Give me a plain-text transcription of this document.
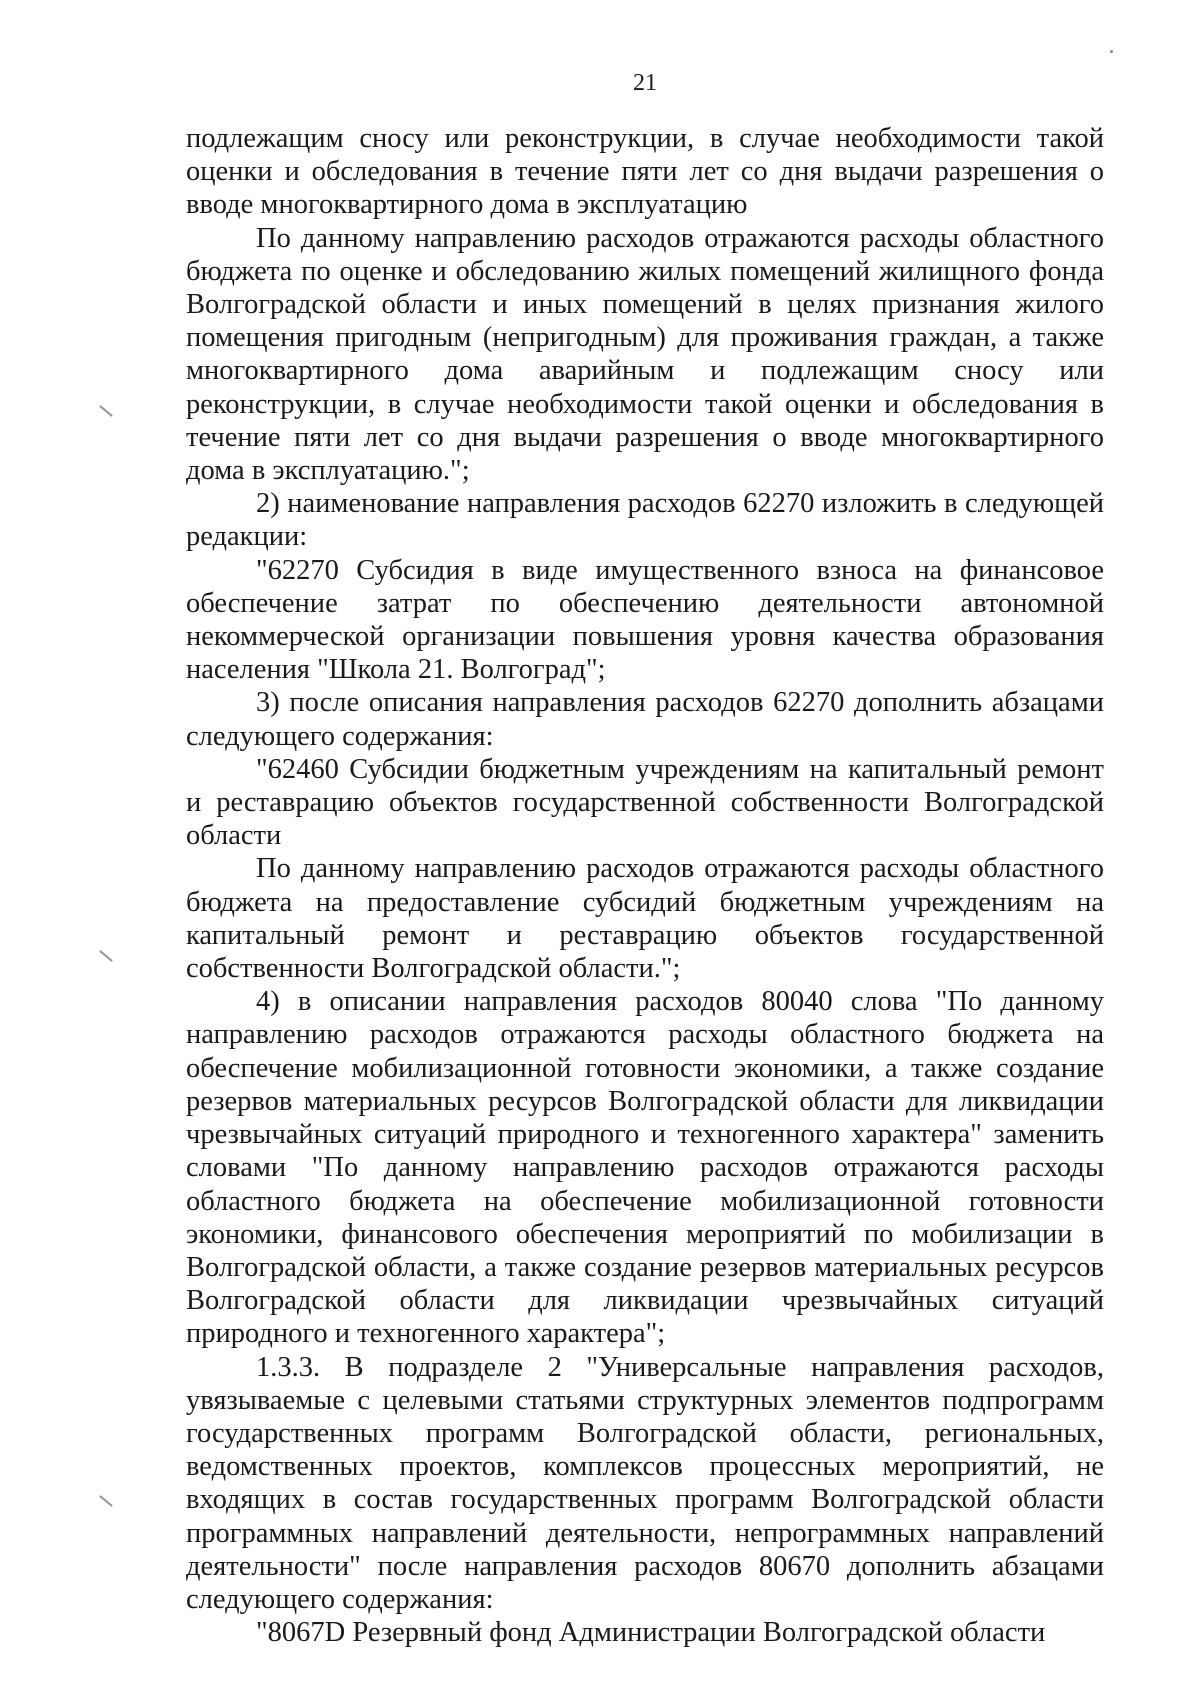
21

подлежащим сносу или реконструкции, в случае необходимости такой оценки и обследования в течение пяти лет со дня выдачи разрешения о вводе многоквартирного дома в эксплуатацию

По данному направлению расходов отражаются расходы областного бюджета по оценке и обследованию жилых помещений жилищного фонда Волгоградской области и иных помещений в целях признания жилого помещения пригодным (непригодным) для проживания граждан, а также многоквартирного дома аварийным и подлежащим сносу или реконструкции, в случае необходимости такой оценки и обследования в течение пяти лет со дня выдачи разрешения о вводе многоквартирного дома в эксплуатацию.";

2) наименование направления расходов 62270 изложить в следующей редакции:

"62270 Субсидия в виде имущественного взноса на финансовое обеспечение затрат по обеспечению деятельности автономной некоммерческой организации повышения уровня качества образования населения "Школа 21. Волгоград";

3) после описания направления расходов 62270 дополнить абзацами следующего содержания:

"62460 Субсидии бюджетным учреждениям на капитальный ремонт и реставрацию объектов государственной собственности Волгоградской области

По данному направлению расходов отражаются расходы областного бюджета на предоставление субсидий бюджетным учреждениям на капитальный ремонт и реставрацию объектов государственной собственности Волгоградской области.";

4) в описании направления расходов 80040 слова "По данному направлению расходов отражаются расходы областного бюджета на обеспечение мобилизационной готовности экономики, а также создание резервов материальных ресурсов Волгоградской области для ликвидации чрезвычайных ситуаций природного и техногенного характера" заменить словами "По данному направлению расходов отражаются расходы областного бюджета на обеспечение мобилизационной готовности экономики, финансового обеспечения мероприятий по мобилизации в Волгоградской области, а также создание резервов материальных ресурсов Волгоградской области для ликвидации чрезвычайных ситуаций природного и техногенного характера";

1.3.3. В подразделе 2 "Универсальные направления расходов, увязываемые с целевыми статьями структурных элементов подпрограмм государственных программ Волгоградской области, региональных, ведомственных проектов, комплексов процессных мероприятий, не входящих в состав государственных программ Волгоградской области программных направлений деятельности, непрограммных направлений деятельности" после направления расходов 80670 дополнить абзацами следующего содержания:

"8067D Резервный фонд Администрации Волгоградской области
